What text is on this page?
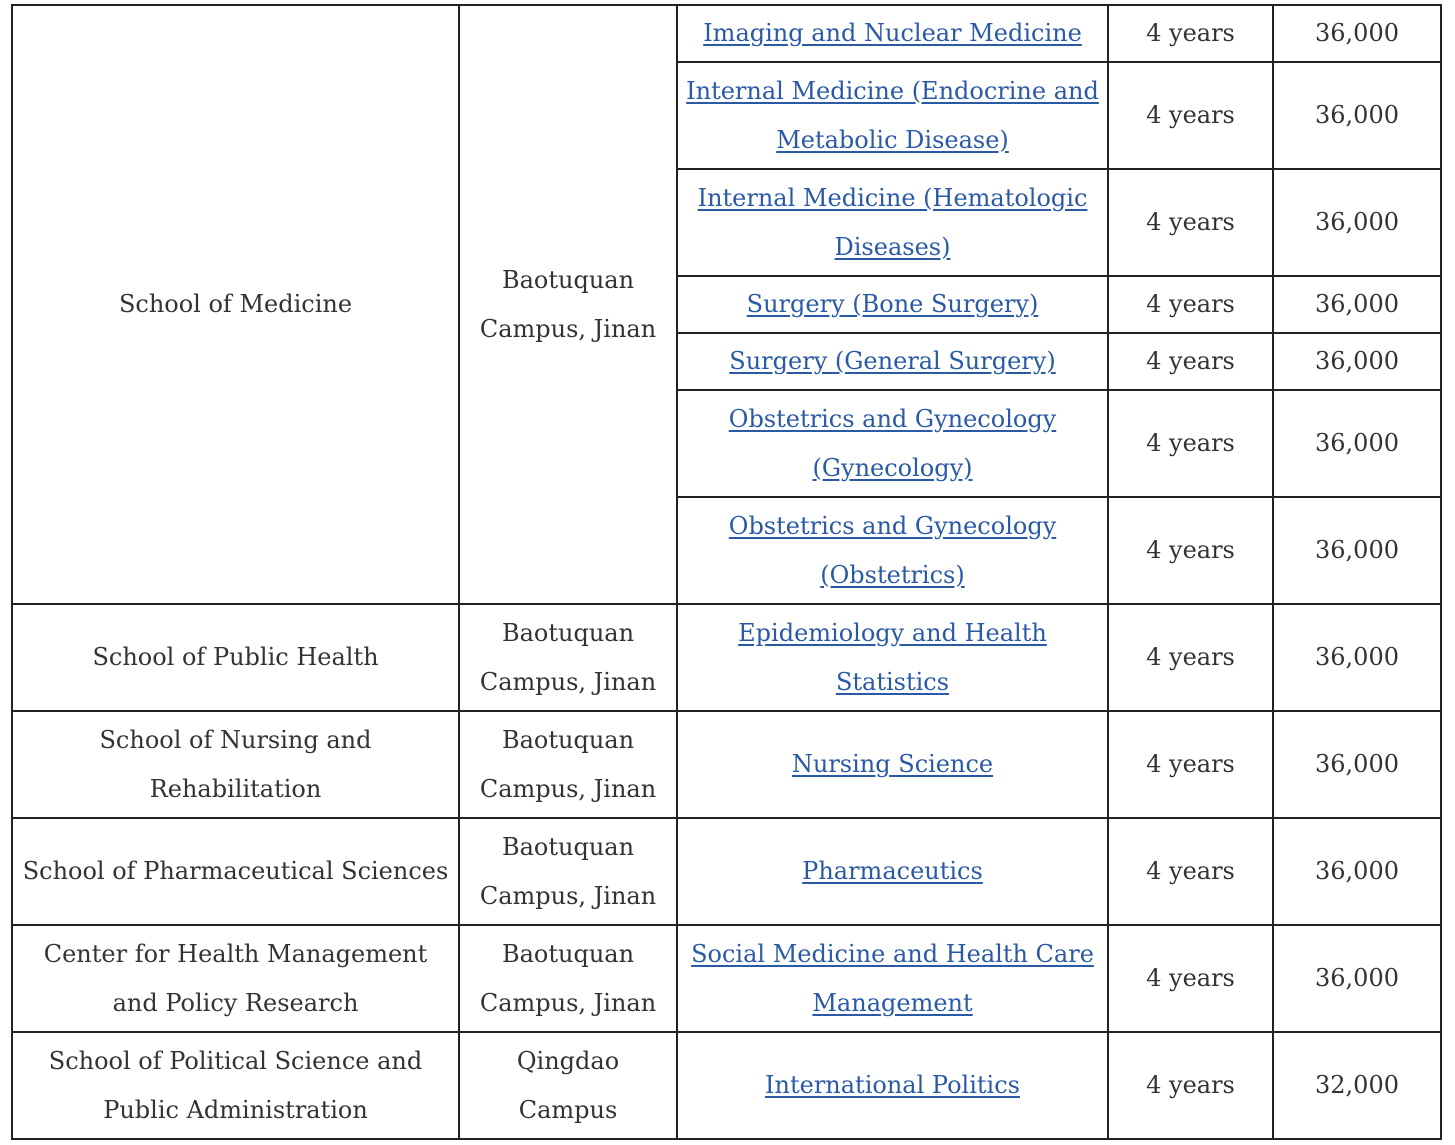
School of Medicine	Baotuquan Campus, Jinan	Imaging and Nuclear Medicine	4 years	36,000
		Internal Medicine (Endocrine and Metabolic Disease)	4 years	36,000
		Internal Medicine (Hematologic Diseases)	4 years	36,000
		Surgery (Bone Surgery)	4 years	36,000
		Surgery (General Surgery)	4 years	36,000
		Obstetrics and Gynecology (Gynecology)	4 years	36,000
		Obstetrics and Gynecology (Obstetrics)	4 years	36,000
School of Public Health	Baotuquan Campus, Jinan	Epidemiology and Health Statistics	4 years	36,000
School of Nursing and Rehabilitation	Baotuquan Campus, Jinan	Nursing Science	4 years	36,000
School of Pharmaceutical Sciences	Baotuquan Campus, Jinan	Pharmaceutics	4 years	36,000
Center for Health Management and Policy Research	Baotuquan Campus, Jinan	Social Medicine and Health Care Management	4 years	36,000
School of Political Science and Public Administration	Qingdao Campus	International Politics	4 years	32,000
